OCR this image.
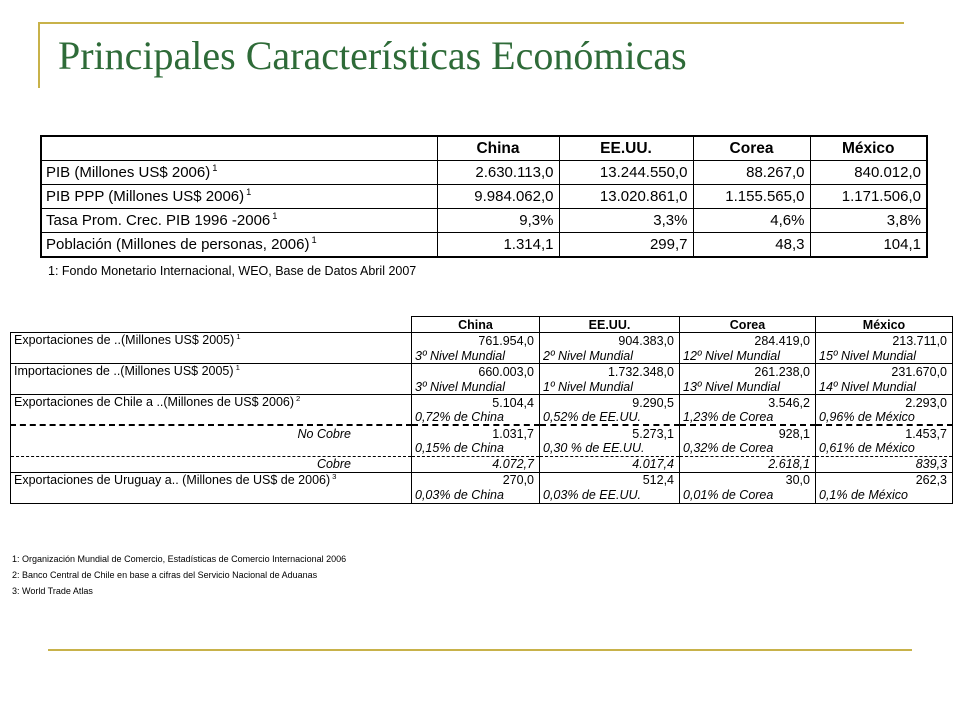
Principales Características Económicas
	China	EE.UU.	Corea	México
PIB (Millones US$ 2006) $^1$	2.630.113,0	13.244.550,0	88.267,0	840.012,0
PIB PPP (Millones US$ 2006) $^1$	9.984.062,0	13.020.861,0	1.155.565,0	1.171.506,0
Tasa Prom. Crec. PIB 1996 -2006 $^1$	9,3%	3,3%	4,6%	3,8%
Población (Millones de personas, 2006) $^1$	1.314,1	299,7	48,3	104,1
1: Fondo Monetario Internacional, WEO, Base de Datos Abril 2007
	China	EE.UU.	Corea	México
Exportaciones de ..(Millones US$ 2005) $^1$	761.954,0	904.383,0	284.419,0	213.711,0
	3º Nivel Mundial	2º Nivel Mundial	12º Nivel Mundial	15º Nivel Mundial
Importaciones de ..(Millones US$ 2005) $^1$	660.003,0	1.732.348,0	261.238,0	231.670,0
	3º Nivel Mundial	1º Nivel Mundial	13º Nivel Mundial	14º Nivel Mundial
Exportaciones de Chile a ..(Millones de US$ 2006) $^2$	5.104,4	9.290,5	3.546,2	2.293,0
	0,72% de China	0,52% de EE.UU.	1,23% de Corea	0,96% de México
No Cobre	1.031,7	5.273,1	928,1	1.453,7
	0,15% de China	0,30 % de EE.UU.	0,32% de Corea	0,61% de México
Cobre	4.072,7	4.017,4	2.618,1	839,3
Exportaciones de Uruguay a.. (Millones de US$ de 2006) $^3$	270,0	512,4	30,0	262,3
	0,03% de China	0,03% de EE.UU.	0,01% de Corea	0,1% de México
1: Organización Mundial de Comercio, Estadísticas de Comercio Internacional 2006
2: Banco Central de Chile en base a cifras del Servicio Nacional de Aduanas
3: World Trade Atlas
